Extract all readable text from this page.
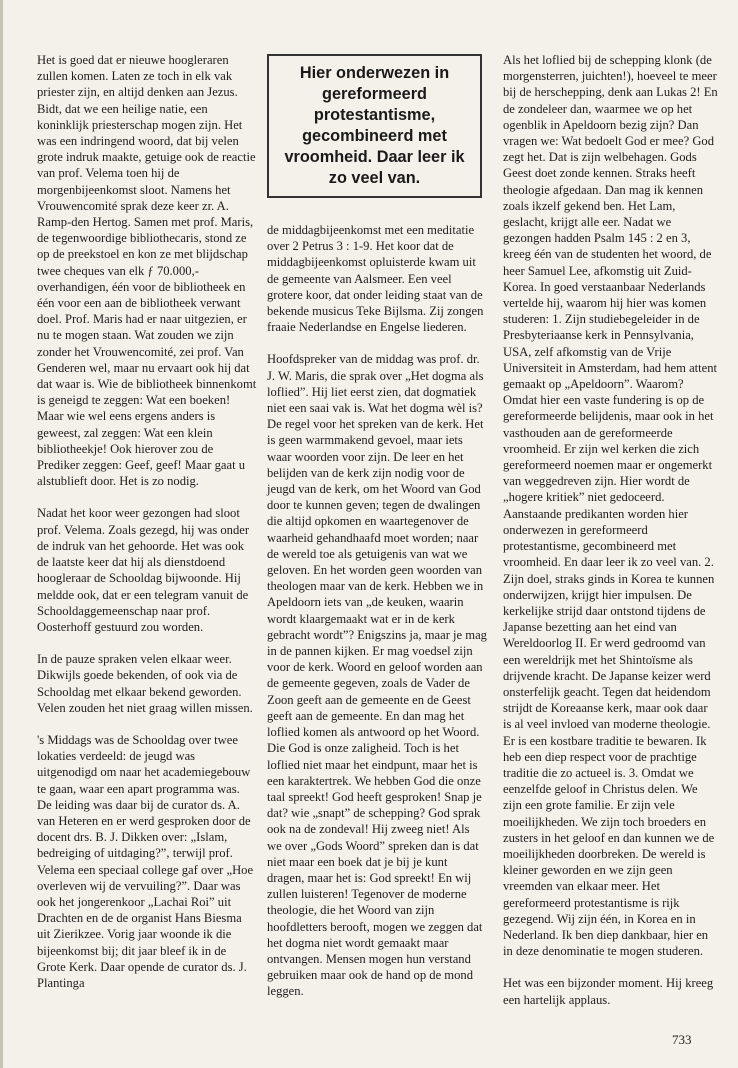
Het is goed dat er nieuwe hoogleraren zullen komen. Laten ze toch in elk vak priester zijn, en altijd denken aan Jezus. Bidt, dat we een heilige natie, een koninklijk priesterschap mogen zijn. Het was een indringend woord, dat bij velen grote indruk maakte, getuige ook de reactie van prof. Velema toen hij de morgenbijeenkomst sloot. Namens het Vrouwencomité sprak deze keer zr. A. Ramp-den Hertog. Samen met prof. Maris, de tegenwoordige bibliothecaris, stond ze op de preekstoel en kon ze met blijdschap twee cheques van elk ƒ 70.000,- overhandigen, één voor de bibliotheek en één voor een aan de bibliotheek verwant doel. Prof. Maris had er naar uitgezien, er nu te mogen staan. Wat zouden we zijn zonder het Vrouwencomité, zei prof. Van Genderen wel, maar nu ervaart ook hij dat dat waar is. Wie de bibliotheek binnenkomt is geneigd te zeggen: Wat een boeken! Maar wie wel eens ergens anders is geweest, zal zeggen: Wat een klein bibliotheekje! Ook hierover zou de Prediker zeggen: Geef, geef! Maar gaat u alstublieft door. Het is zo nodig.

Nadat het koor weer gezongen had sloot prof. Velema. Zoals gezegd, hij was onder de indruk van het gehoorde. Het was ook de laatste keer dat hij als dienstdoend hoogleraar de Schooldag bijwoonde. Hij meldde ook, dat er een telegram vanuit de Schooldaggemeenschap naar prof. Oosterhoff gestuurd zou worden.

In de pauze spraken velen elkaar weer. Dikwijls goede bekenden, of ook via de Schooldag met elkaar bekend geworden. Velen zouden het niet graag willen missen.

's Middags was de Schooldag over twee lokaties verdeeld: de jeugd was uitgenodigd om naar het academiegebouw te gaan, waar een apart programma was. De leiding was daar bij de curator ds. A. van Heteren en er werd gesproken door de docent drs. B. J. Dikken over: „Islam, bedreiging of uitdaging?”, terwijl prof. Velema een speciaal college gaf over „Hoe overleven wij de vervuiling?”. Daar was ook het jongerenkoor „Lachai Roi” uit Drachten en de de organist Hans Biesma uit Zierikzee. Vorig jaar woonde ik die bijeenkomst bij; dit jaar bleef ik in de Grote Kerk. Daar opende de curator ds. J. Plantinga

Hier onderwezen in gereformeerd protestantisme, gecombineerd met vroomheid. Daar leer ik zo veel van.

de middagbijeenkomst met een meditatie over 2 Petrus 3 : 1-9. Het koor dat de middagbijeenkomst opluisterde kwam uit de gemeente van Aalsmeer. Een veel grotere koor, dat onder leiding staat van de bekende musicus Teke Bijlsma. Zij zongen fraaie Nederlandse en Engelse liederen.

Hoofdspreker van de middag was prof. dr. J. W. Maris, die sprak over „Het dogma als loflied”. Hij liet eerst zien, dat dogmatiek niet een saai vak is. Wat het dogma wèl is? De regel voor het spreken van de kerk. Het is geen warmmakend gevoel, maar iets waar woorden voor zijn. De leer en het belijden van de kerk zijn nodig voor de jeugd van de kerk, om het Woord van God door te kunnen geven; tegen de dwalingen die altijd opkomen en waartegenover de waarheid gehandhaafd moet worden; naar de wereld toe als getuigenis van wat we geloven. En het worden geen woorden van theologen maar van de kerk. Hebben we in Apeldoorn iets van „de keuken, waarin wordt klaargemaakt wat er in de kerk gebracht wordt”? Enigszins ja, maar je mag in de pannen kijken. Er mag voedsel zijn voor de kerk. Woord en geloof worden aan de gemeente gegeven, zoals de Vader de Zoon geeft aan de gemeente en de Geest geeft aan de gemeente. En dan mag het loflied komen als antwoord op het Woord. Die God is onze zaligheid. Toch is het loflied niet maar het eindpunt, maar het is een karaktertrek. We hebben God die onze taal spreekt! God heeft gesproken! Snap je dat? wie „snapt” de schepping? God sprak ook na de zondeval! Hij zweeg niet! Als we over „Gods Woord” spreken dan is dat niet maar een boek dat je bij je kunt dragen, maar het is: God spreekt! En wij zullen luisteren! Tegenover de moderne theologie, die het Woord van zijn hoofdletters berooft, mogen we zeggen dat het dogma niet wordt gemaakt maar ontvangen. Mensen mogen hun verstand gebruiken maar ook de hand op de mond leggen.

Als het loflied bij de schepping klonk (de morgensterren, juichten!), hoeveel te meer bij de herschepping, denk aan Lukas 2! En de zondeleer dan, waarmee we op het ogenblik in Apeldoorn bezig zijn? Dan vragen we: Wat bedoelt God er mee? God zegt het. Dat is zijn welbehagen. Gods Geest doet zonde kennen. Straks heeft theologie afgedaan. Dan mag ik kennen zoals ikzelf gekend ben. Het Lam, geslacht, krijgt alle eer. Nadat we gezongen hadden Psalm 145 : 2 en 3, kreeg één van de studenten het woord, de heer Samuel Lee, afkomstig uit Zuid-Korea. In goed verstaanbaar Nederlands vertelde hij, waarom hij hier was komen studeren: 1. Zijn studiebegeleider in de Presbyteriaanse kerk in Pennsylvania, USA, zelf afkomstig van de Vrije Universiteit in Amsterdam, had hem attent gemaakt op „Apeldoorn”. Waarom? Omdat hier een vaste fundering is op de gereformeerde belijdenis, maar ook in het vasthouden aan de gereformeerde vroomheid. Er zijn wel kerken die zich gereformeerd noemen maar er ongemerkt van weggedreven zijn. Hier wordt de „hogere kritiek” niet gedoceerd. Aanstaande predikanten worden hier onderwezen in gereformeerd protestantisme, gecombineerd met vroomheid. En daar leer ik zo veel van. 2. Zijn doel, straks ginds in Korea te kunnen onderwijzen, krijgt hier impulsen. De kerkelijke strijd daar ontstond tijdens de Japanse bezetting aan het eind van Wereldoorlog II. Er werd gedroomd van een wereldrijk met het Shintoïsme als drijvende kracht. De Japanse keizer werd onsterfelijk geacht. Tegen dat heidendom strijdt de Koreaanse kerk, maar ook daar is al veel invloed van moderne theologie. Er is een kostbare traditie te bewaren. Ik heb een diep respect voor de prachtige traditie die zo actueel is. 3. Omdat we eenzelfde geloof in Christus delen. We zijn een grote familie. Er zijn vele moeilijkheden. We zijn toch broeders en zusters in het geloof en dan kunnen we de moeilijkheden doorbreken. De wereld is kleiner geworden en we zijn geen vreemden van elkaar meer. Het gereformeerd protestantisme is rijk gezegend. Wij zijn één, in Korea en in Nederland. Ik ben diep dankbaar, hier en in deze denominatie te mogen studeren.

Het was een bijzonder moment. Hij kreeg een hartelijk applaus.

733
